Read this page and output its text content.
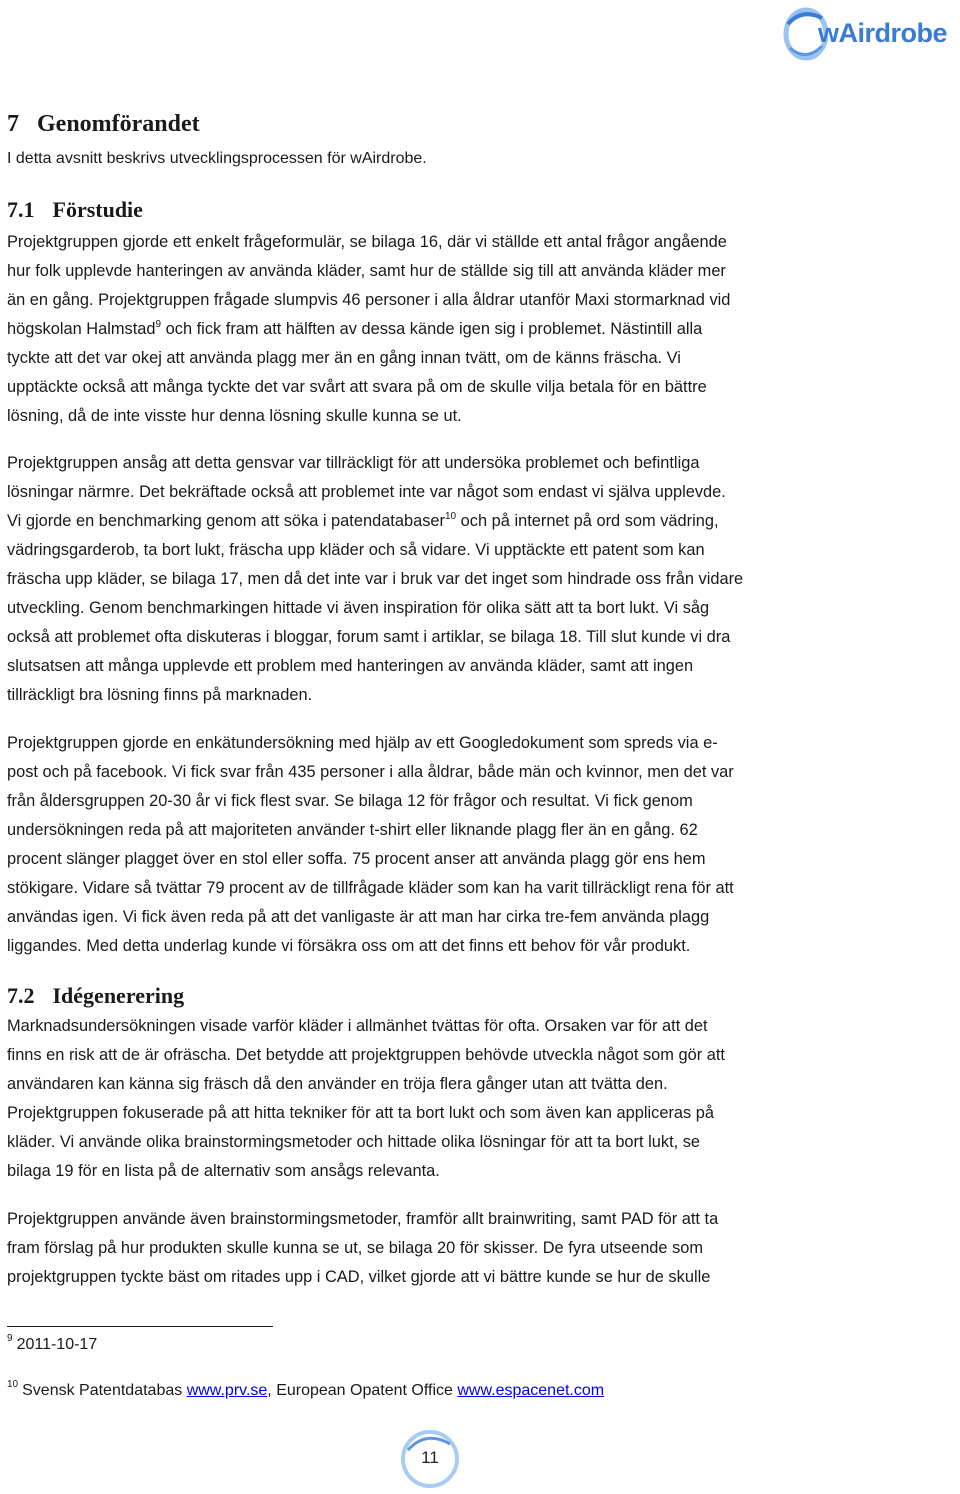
wAirdrobe
7 Genomförandet

I detta avsnitt beskrivs utvecklingsprocessen för wAirdrobe.

7.1 Förstudie
Projektgruppen gjorde ett enkelt frågeformulär, se bilaga 16, där vi ställde ett antal frågor angående
hur folk upplevde hanteringen av använda kläder, samt hur de ställde sig till att använda kläder mer
än en gång. Projektgruppen frågade slumpvis 46 personer i alla åldrar utanför Maxi stormarknad vid
högskolan Halmstad$^9$ och fick fram att hälften av dessa kände igen sig i problemet. Nästintill alla
tyckte att det var okej att använda plagg mer än en gång innan tvätt, om de känns fräscha. Vi
upptäckte också att många tyckte det var svårt att svara på om de skulle vilja betala för en bättre
lösning, då de inte visste hur denna lösning skulle kunna se ut.
Projektgruppen ansåg att detta gensvar var tillräckligt för att undersöka problemet och befintliga
lösningar närmre. Det bekräftade också att problemet inte var något som endast vi själva upplevde.
Vi gjorde en benchmarking genom att söka i patendatabaser$^{10}$ och på internet på ord som vädring,
vädringsgarderob, ta bort lukt, fräscha upp kläder och så vidare. Vi upptäckte ett patent som kan
fräscha upp kläder, se bilaga 17, men då det inte var i bruk var det inget som hindrade oss från vidare
utveckling. Genom benchmarkingen hittade vi även inspiration för olika sätt att ta bort lukt. Vi såg
också att problemet ofta diskuteras i bloggar, forum samt i artiklar, se bilaga 18. Till slut kunde vi dra
slutsatsen att många upplevde ett problem med hanteringen av använda kläder, samt att ingen
tillräckligt bra lösning finns på marknaden.
Projektgruppen gjorde en enkätundersökning med hjälp av ett Googledokument som spreds via e-
post och på facebook. Vi fick svar från 435 personer i alla åldrar, både män och kvinnor, men det var
från åldersgruppen 20-30 år vi fick flest svar. Se bilaga 12 för frågor och resultat. Vi fick genom
undersökningen reda på att majoriteten använder t-shirt eller liknande plagg fler än en gång. 62
procent slänger plagget över en stol eller soffa. 75 procent anser att använda plagg gör ens hem
stökigare. Vidare så tvättar 79 procent av de tillfrågade kläder som kan ha varit tillräckligt rena för att
användas igen. Vi fick även reda på att det vanligaste är att man har cirka tre-fem använda plagg
liggandes. Med detta underlag kunde vi försäkra oss om att det finns ett behov för vår produkt.
7.2 Idégenerering
Marknadsundersökningen visade varför kläder i allmänhet tvättas för ofta. Orsaken var för att det
finns en risk att de är ofräscha. Det betydde att projektgruppen behövde utveckla något som gör att
användaren kan känna sig fräsch då den använder en tröja flera gånger utan att tvätta den.
Projektgruppen fokuserade på att hitta tekniker för att ta bort lukt och som även kan appliceras på
kläder. Vi använde olika brainstormingsmetoder och hittade olika lösningar för att ta bort lukt, se
bilaga 19 för en lista på de alternativ som ansågs relevanta.
Projektgruppen använde även brainstormingsmetoder, framför allt brainwriting, samt PAD för att ta
fram förslag på hur produkten skulle kunna se ut, se bilaga 20 för skisser. De fyra utseende som
projektgruppen tyckte bäst om ritades upp i CAD, vilket gjorde att vi bättre kunde se hur de skulle
$^9$ 2011-10-17
$^{10}$ Svensk Patentdatabas www.prv.se, European Opatent Office www.espacenet.com
11
